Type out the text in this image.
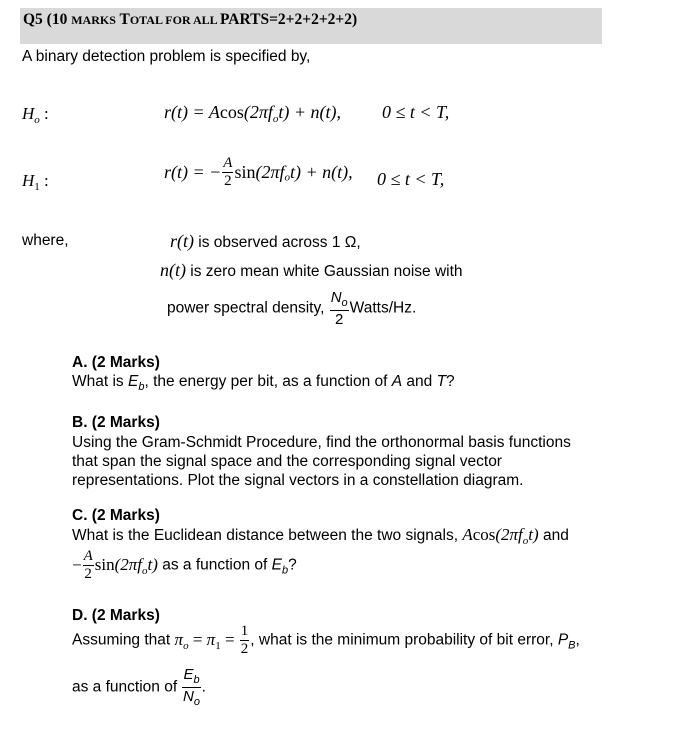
Q5 (10 MARKS TOTAL FOR ALL PARTS=2+2+2+2+2)
A binary detection problem is specified by,
$H_o$ :	$r(t) = Acos(2\pi f_ot) + n(t)$, 0 ≤ t < T,
$H_1$ :	r(t) = − $\frac{A}{2} \sin(2\pi f_ot) + n(t)$, 0 ≤ t < T,
where,	r(t) is observed across 1 Ω,
n(t) is zero mean white Gaussian noise with
power spectral density, $\frac{N_o}{2}$ Watts/Hz.
A. (2 Marks)
What is $E_b$, the energy per bit, as a function of A and T?
B. (2 Marks)
Using the Gram-Schmidt Procedure, find the orthonormal basis functions
that span the signal space and the corresponding signal vector
representations. Plot the signal vectors in a constellation diagram.
C. (2 Marks)
What is the Euclidean distance between the two signals, $Acos(2\pi f_ot)$ and
− $\frac{A}{2} \sin(2\pi f_ot)$ as a function of $E_b$?
D. (2 Marks)
Assuming that $\pi_o = \pi_1 = \frac{1}{2}$ , what is the minimum probability of bit error, $P_B$,
as a function of $\frac{E_b}{N_o}$ .
